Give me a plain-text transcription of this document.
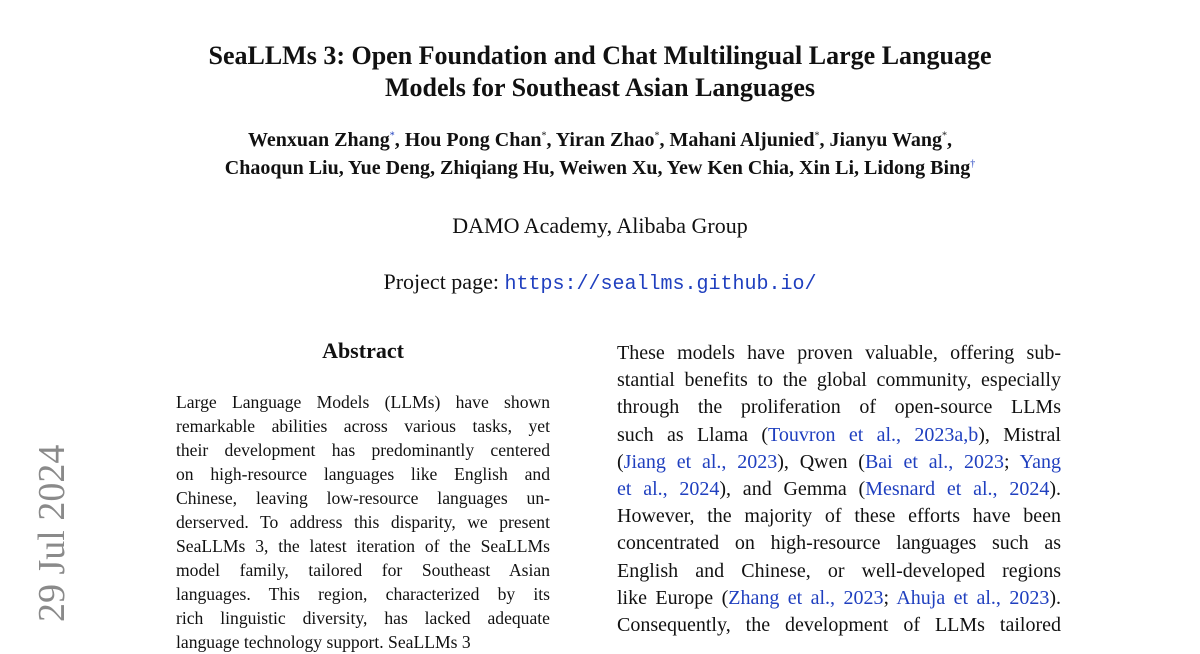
SeaLLMs 3: Open Foundation and Chat Multilingual Large Language
Models for Southeast Asian Languages
Wenxuan Zhang*, Hou Pong Chan*, Yiran Zhao*, Mahani Aljunied*, Jianyu Wang*,
Chaoqun Liu, Yue Deng, Zhiqiang Hu, Weiwen Xu, Yew Ken Chia, Xin Li, Lidong Bing†
DAMO Academy, Alibaba Group
Project page: https://seallms.github.io/
29 Jul 2024
Abstract
Large Language Models (LLMs) have shown
remarkable abilities across various tasks, yet
their development has predominantly centered
on high-resource languages like English and
Chinese, leaving low-resource languages un-
derserved. To address this disparity, we present
SeaLLMs 3, the latest iteration of the SeaLLMs
model family, tailored for Southeast Asian
languages. This region, characterized by its
rich linguistic diversity, has lacked adequate
language technology support. SeaLLMs 3
These models have proven valuable, offering sub-
stantial benefits to the global community, especially
through the proliferation of open-source LLMs
such as Llama (Touvron et al., 2023a,b), Mistral
(Jiang et al., 2023), Qwen (Bai et al., 2023; Yang
et al., 2024), and Gemma (Mesnard et al., 2024).
However, the majority of these efforts have been
concentrated on high-resource languages such as
English and Chinese, or well-developed regions
like Europe (Zhang et al., 2023; Ahuja et al., 2023).
Consequently, the development of LLMs tailored
